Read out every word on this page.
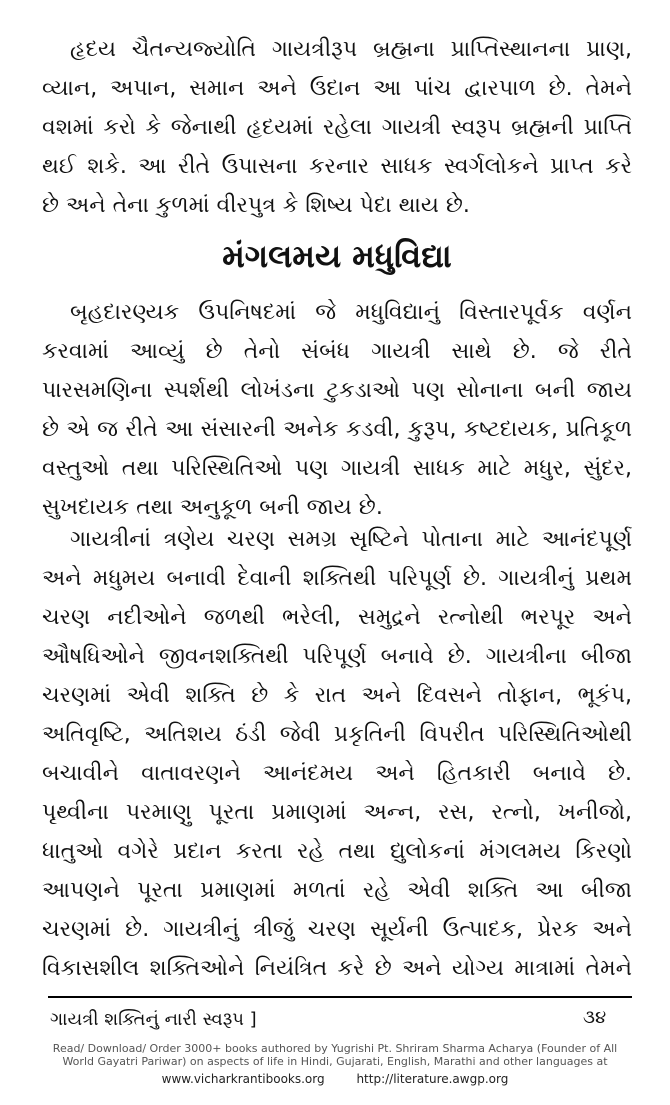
હૃદય ચૈતન્યજ્યોતિ ગાયત્રીરૂપ બ્રહ્મના પ્રાપ્તિસ્થાનના પ્રાણ,
વ્યાન, અપાન, સમાન અને ઉદાન આ પાંચ દ્વારપાળ છે. તેમને
વશમાં કરો કે જેનાથી હૃદયમાં રહેલા ગાયત્રી સ્વરૂપ બ્રહ્મની પ્રાપ્તિ
થઈ શકે. આ રીતે ઉપાસના કરનાર સાધક સ્વર્ગલોકને પ્રાપ્ત કરે
છે અને તેના કુળમાં વીરપુત્ર કે શિષ્ય પેદા થાય છે.
મંગલમય મધુવિદ્યા
બૃહદારણ્યક ઉપનિષદમાં જે મધુવિદ્યાનું વિસ્તારપૂર્વક વર્ણન
કરવામાં આવ્યું છે તેનો સંબંધ ગાયત્રી સાથે છે. જે રીતે
પારસમણિના સ્પર્શથી લોખંડના ટુકડાઓ પણ સોનાના બની જાય
છે એ જ રીતે આ સંસારની અનેક કડવી, કુરૂપ, કષ્ટદાયક, પ્રતિકૂળ
વસ્તુઓ તથા પરિસ્થિતિઓ પણ ગાયત્રી સાધક માટે મધુર, સુંદર,
સુખદાયક તથા અનુકૂળ બની જાય છે.
ગાયત્રીનાં ત્રણેય ચરણ સમગ્ર સૃષ્ટિને પોતાના માટે આનંદપૂર્ણ
અને મધુમય બનાવી દેવાની શક્તિથી પરિપૂર્ણ છે. ગાયત્રીનું પ્રથમ
ચરણ નદીઓને જળથી ભરેલી, સમુદ્રને રત્નોથી ભરપૂર અને
ઔષધિઓને જીવનશક્તિથી પરિપૂર્ણ બનાવે છે. ગાયત્રીના બીજા
ચરણમાં એવી શક્તિ છે કે રાત અને દિવસને તોફાન, ભૂકંપ,
અતિવૃષ્ટિ, અતિશય ઠંડી જેવી પ્રકૃતિની વિપરીત પરિસ્થિતિઓથી
બચાવીને વાતાવરણને આનંદમય અને હિતકારી બનાવે છે.
પૃથ્વીના પરમાણુ પૂરતા પ્રમાણમાં અન્ન, રસ, રત્નો, ખનીજો,
ધાતુઓ વગેરે પ્રદાન કરતા રહે તથા દ્યુલોકનાં મંગલમય કિરણો
આપણને પૂરતા પ્રમાણમાં મળતાં રહે એવી શક્તિ આ બીજા
ચરણમાં છે. ગાયત્રીનું ત્રીજું ચરણ સૂર્યની ઉત્પાદક, પ્રેરક અને
વિકાસશીલ શક્તિઓને નિયંત્રિત કરે છે અને યોગ્ય માત્રામાં તેમને
ગાયત્રી શક્તિનું નારી સ્વરૂપ ]	૩૪
Read/ Download/ Order 3000+ books authored by Yugrishi Pt. Shriram Sharma Acharya (Founder of All
World Gayatri Pariwar) on aspects of life in Hindi, Gujarati, English, Marathi and other languages at
www.vicharkrantibooks.org	http://literature.awgp.org
